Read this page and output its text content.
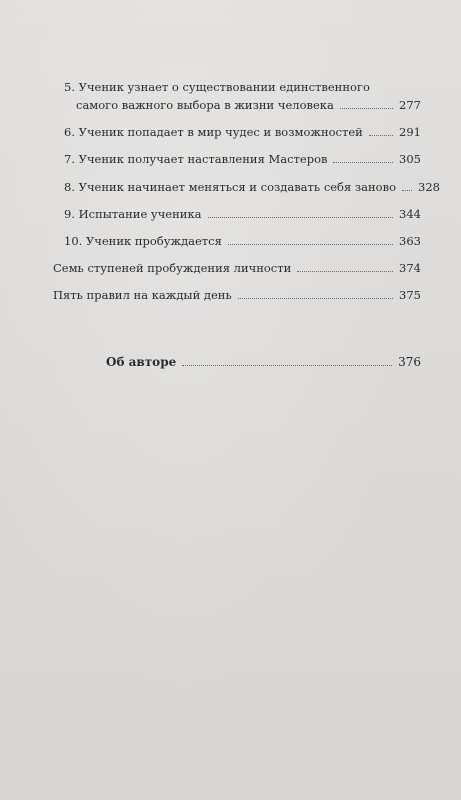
5. Ученик узнает о существовании единственного
самого важного выбора в жизни человека	277
6. Ученик попадает в мир чудес и возможностей	291
7. Ученик получает наставления Мастеров	305
8. Ученик начинает меняться и создавать себя заново 328
9. Испытание ученика	344
10. Ученик пробуждается	363
Семь ступеней пробуждения личности	374
Пять правил на каждый день	375
Об авторе	376
